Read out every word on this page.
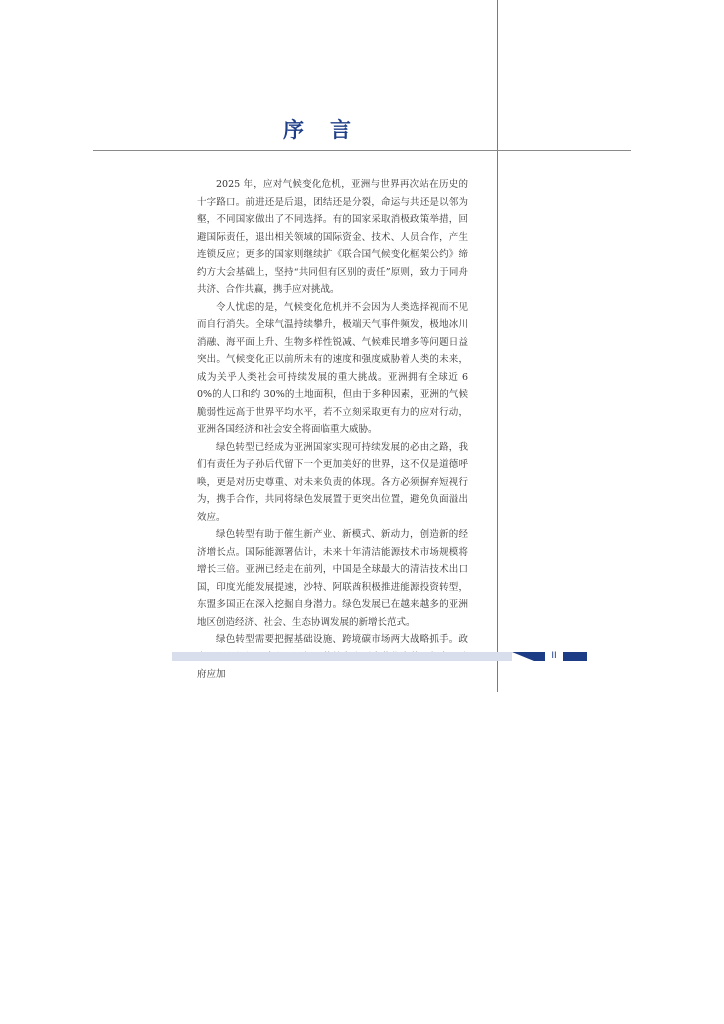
序言

2025 年，应对气候变化危机，亚洲与世界再次站在历史的十字路口。前进还是后退，团结还是分裂，命运与共还是以邻为壑，不同国家做出了不同选择。有的国家采取消极政策举措，回避国际责任，退出相关领域的国际资金、技术、人员合作，产生连锁反应；更多的国家则继续扩《联合国气候变化框架公约》缔约方大会基础上，坚持“共同但有区别的责任”原则，致力于同舟共济、合作共赢，携手应对挑战。

令人忧虑的是，气候变化危机并不会因为人类选择视而不见而自行消失。全球气温持续攀升，极端天气事件频发，极地冰川消融、海平面上升、生物多样性锐减、气候难民增多等问题日益突出。气候变化正以前所未有的速度和强度威胁着人类的未来，成为关乎人类社会可持续发展的重大挑战。亚洲拥有全球近 60%的人口和约 30%的土地面积，但由于多种因素，亚洲的气候脆弱性远高于世界平均水平，若不立刻采取更有力的应对行动，亚洲各国经济和社会安全将面临重大威胁。

绿色转型已经成为亚洲国家实现可持续发展的必由之路，我们有责任为子孙后代留下一个更加美好的世界，这不仅是道德呼唤，更是对历史尊重、对未来负责的体现。各方必须摒弃短视行为，携手合作，共同将绿色发展置于更突出位置，避免负面溢出效应。

绿色转型有助于催生新产业、新模式、新动力，创造新的经济增长点。国际能源署估计，未来十年清洁能源技术市场规模将增长三倍。亚洲已经走在前列，中国是全球最大的清洁技术出口国，印度光能发展提速，沙特、阿联酋积极推进能源投资转型，东盟多国正在深入挖掘自身潜力。绿色发展已在越来越多的亚洲地区创造经济、社会、生态协调发展的新增长范式。

绿色转型需要把握基础设施、跨境碳市场两大战略抓手。政 府应加

II
